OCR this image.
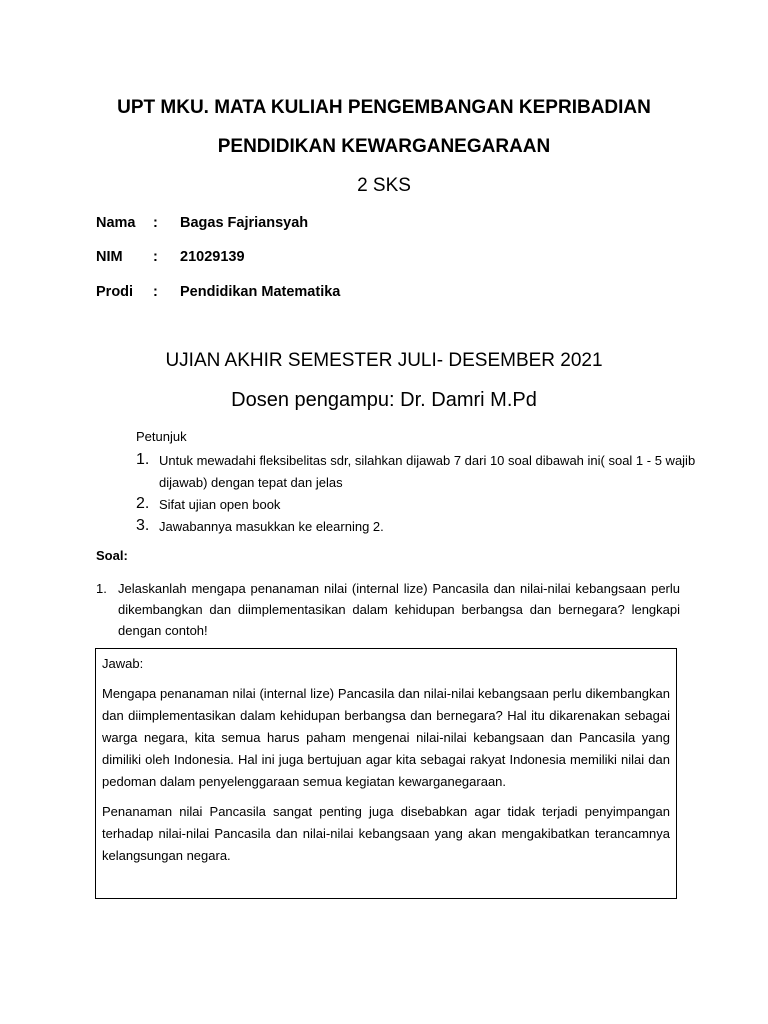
UPT MKU. MATA KULIAH PENGEMBANGAN KEPRIBADIAN
PENDIDIKAN KEWARGANEGARAAN
2 SKS
Nama : Bagas Fajriansyah
NIM : 21029139
Prodi : Pendidikan Matematika
UJIAN AKHIR SEMESTER JULI- DESEMBER 2021
Dosen pengampu: Dr. Damri M.Pd
Petunjuk
1. Untuk mewadahi fleksibelitas sdr, silahkan dijawab 7 dari 10 soal dibawah ini( soal 1 - 5 wajib dijawab) dengan tepat dan jelas
2. Sifat ujian open book
3. Jawabannya masukkan ke elearning 2.
Soal:
1. Jelaskanlah mengapa penanaman nilai (internal lize) Pancasila dan nilai-nilai kebangsaan perlu dikembangkan dan diimplementasikan dalam kehidupan berbangsa dan bernegara? lengkapi dengan contoh!
Jawab:

Mengapa penanaman nilai (internal lize) Pancasila dan nilai-nilai kebangsaan perlu dikembangkan dan diimplementasikan dalam kehidupan berbangsa dan bernegara? Hal itu dikarenakan sebagai warga negara, kita semua harus paham mengenai nilai-nilai kebangsaan dan Pancasila yang dimiliki oleh Indonesia. Hal ini juga bertujuan agar kita sebagai rakyat Indonesia memiliki nilai dan pedoman dalam penyelenggaraan semua kegiatan kewarganegaraan.

Penanaman nilai Pancasila sangat penting juga disebabkan agar tidak terjadi penyimpangan terhadap nilai-nilai Pancasila dan nilai-nilai kebangsaan yang akan mengakibatkan terancamnya kelangsungan negara.
